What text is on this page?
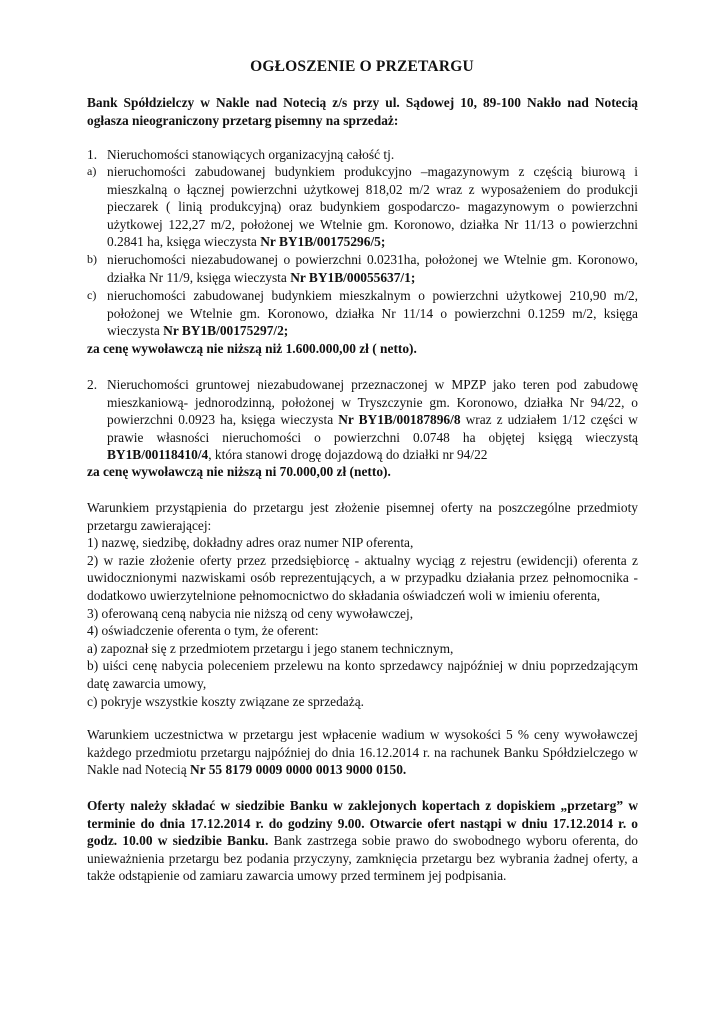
OGŁOSZENIE O PRZETARGU

Bank Spółdzielczy w Nakle nad Notecią z/s przy ul. Sądowej 10, 89-100 Nakło nad Notecią ogłasza nieograniczony przetarg pisemny na sprzedaż:

1. Nieruchomości stanowiących organizacyjną całość tj.
a) nieruchomości zabudowanej budynkiem produkcyjno –magazynowym z częścią biurową i mieszkalną o łącznej powierzchni użytkowej 818,02 m/2 wraz z wyposażeniem do produkcji pieczarek ( linią produkcyjną) oraz budynkiem gospodarczo- magazynowym o powierzchni użytkowej 122,27 m/2, położonej we Wtelnie gm. Koronowo, działka Nr 11/13 o powierzchni 0.2841 ha, księga wieczysta Nr BY1B/00175296/5;
b) nieruchomości niezabudowanej o powierzchni 0.0231ha, położonej we Wtelnie gm. Koronowo, działka Nr 11/9, księga wieczysta Nr BY1B/00055637/1;
c) nieruchomości zabudowanej budynkiem mieszkalnym o powierzchni użytkowej 210,90 m/2, położonej we Wtelnie gm. Koronowo, działka Nr 11/14 o powierzchni 0.1259 m/2, księga wieczysta Nr BY1B/00175297/2;

za cenę wywoławczą nie niższą niż 1.600.000,00 zł ( netto).

2. Nieruchomości gruntowej niezabudowanej przeznaczonej w MPZP jako teren pod zabudowę mieszkaniową- jednorodzinną, położonej w Tryszczynie gm. Koronowo, działka Nr 94/22, o powierzchni 0.0923 ha, księga wieczysta Nr BY1B/00187896/8 wraz z udziałem 1/12 części w prawie własności nieruchomości o powierzchni 0.0748 ha objętej księgą wieczystą BY1B/00118410/4, która stanowi drogę dojazdową do działki nr 94/22

za cenę wywoławczą nie niższą ni 70.000,00 zł (netto).

Warunkiem przystąpienia do przetargu jest złożenie pisemnej oferty na poszczególne przedmioty przetargu zawierającej:

1) nazwę, siedzibę, dokładny adres oraz numer NIP oferenta,

2) w razie złożenie oferty przez przedsiębiorcę - aktualny wyciąg z rejestru (ewidencji) oferenta z uwidocznionymi nazwiskami osób reprezentujących, a w przypadku działania przez pełnomocnika - dodatkowo uwierzytelnione pełnomocnictwo do składania oświadczeń woli w imieniu oferenta,

3) oferowaną ceną nabycia nie niższą od ceny wywoławczej,

4) oświadczenie oferenta o tym, że oferent:

a) zapoznał się z przedmiotem przetargu i jego stanem technicznym,

b) uiści cenę nabycia poleceniem przelewu na konto sprzedawcy najpóźniej w dniu poprzedzającym datę zawarcia umowy,

c) pokryje wszystkie koszty związane ze sprzedażą.

Warunkiem uczestnictwa w przetargu jest wpłacenie wadium w wysokości 5 % ceny wywoławczej każdego przedmiotu przetargu najpóźniej do dnia 16.12.2014 r. na rachunek Banku Spółdzielczego w Nakle nad Notecią Nr 55 8179 0009 0000 0013 9000 0150.

Oferty należy składać w siedzibie Banku w zaklejonych kopertach z dopiskiem „przetarg” w terminie do dnia 17.12.2014 r. do godziny 9.00. Otwarcie ofert nastąpi w dniu 17.12.2014 r. o godz. 10.00 w siedzibie Banku. Bank zastrzega sobie prawo do swobodnego wyboru oferenta, do unieważnienia przetargu bez podania przyczyny, zamknięcia przetargu bez wybrania żadnej oferty, a także odstąpienie od zamiaru zawarcia umowy przed terminem jej podpisania.
